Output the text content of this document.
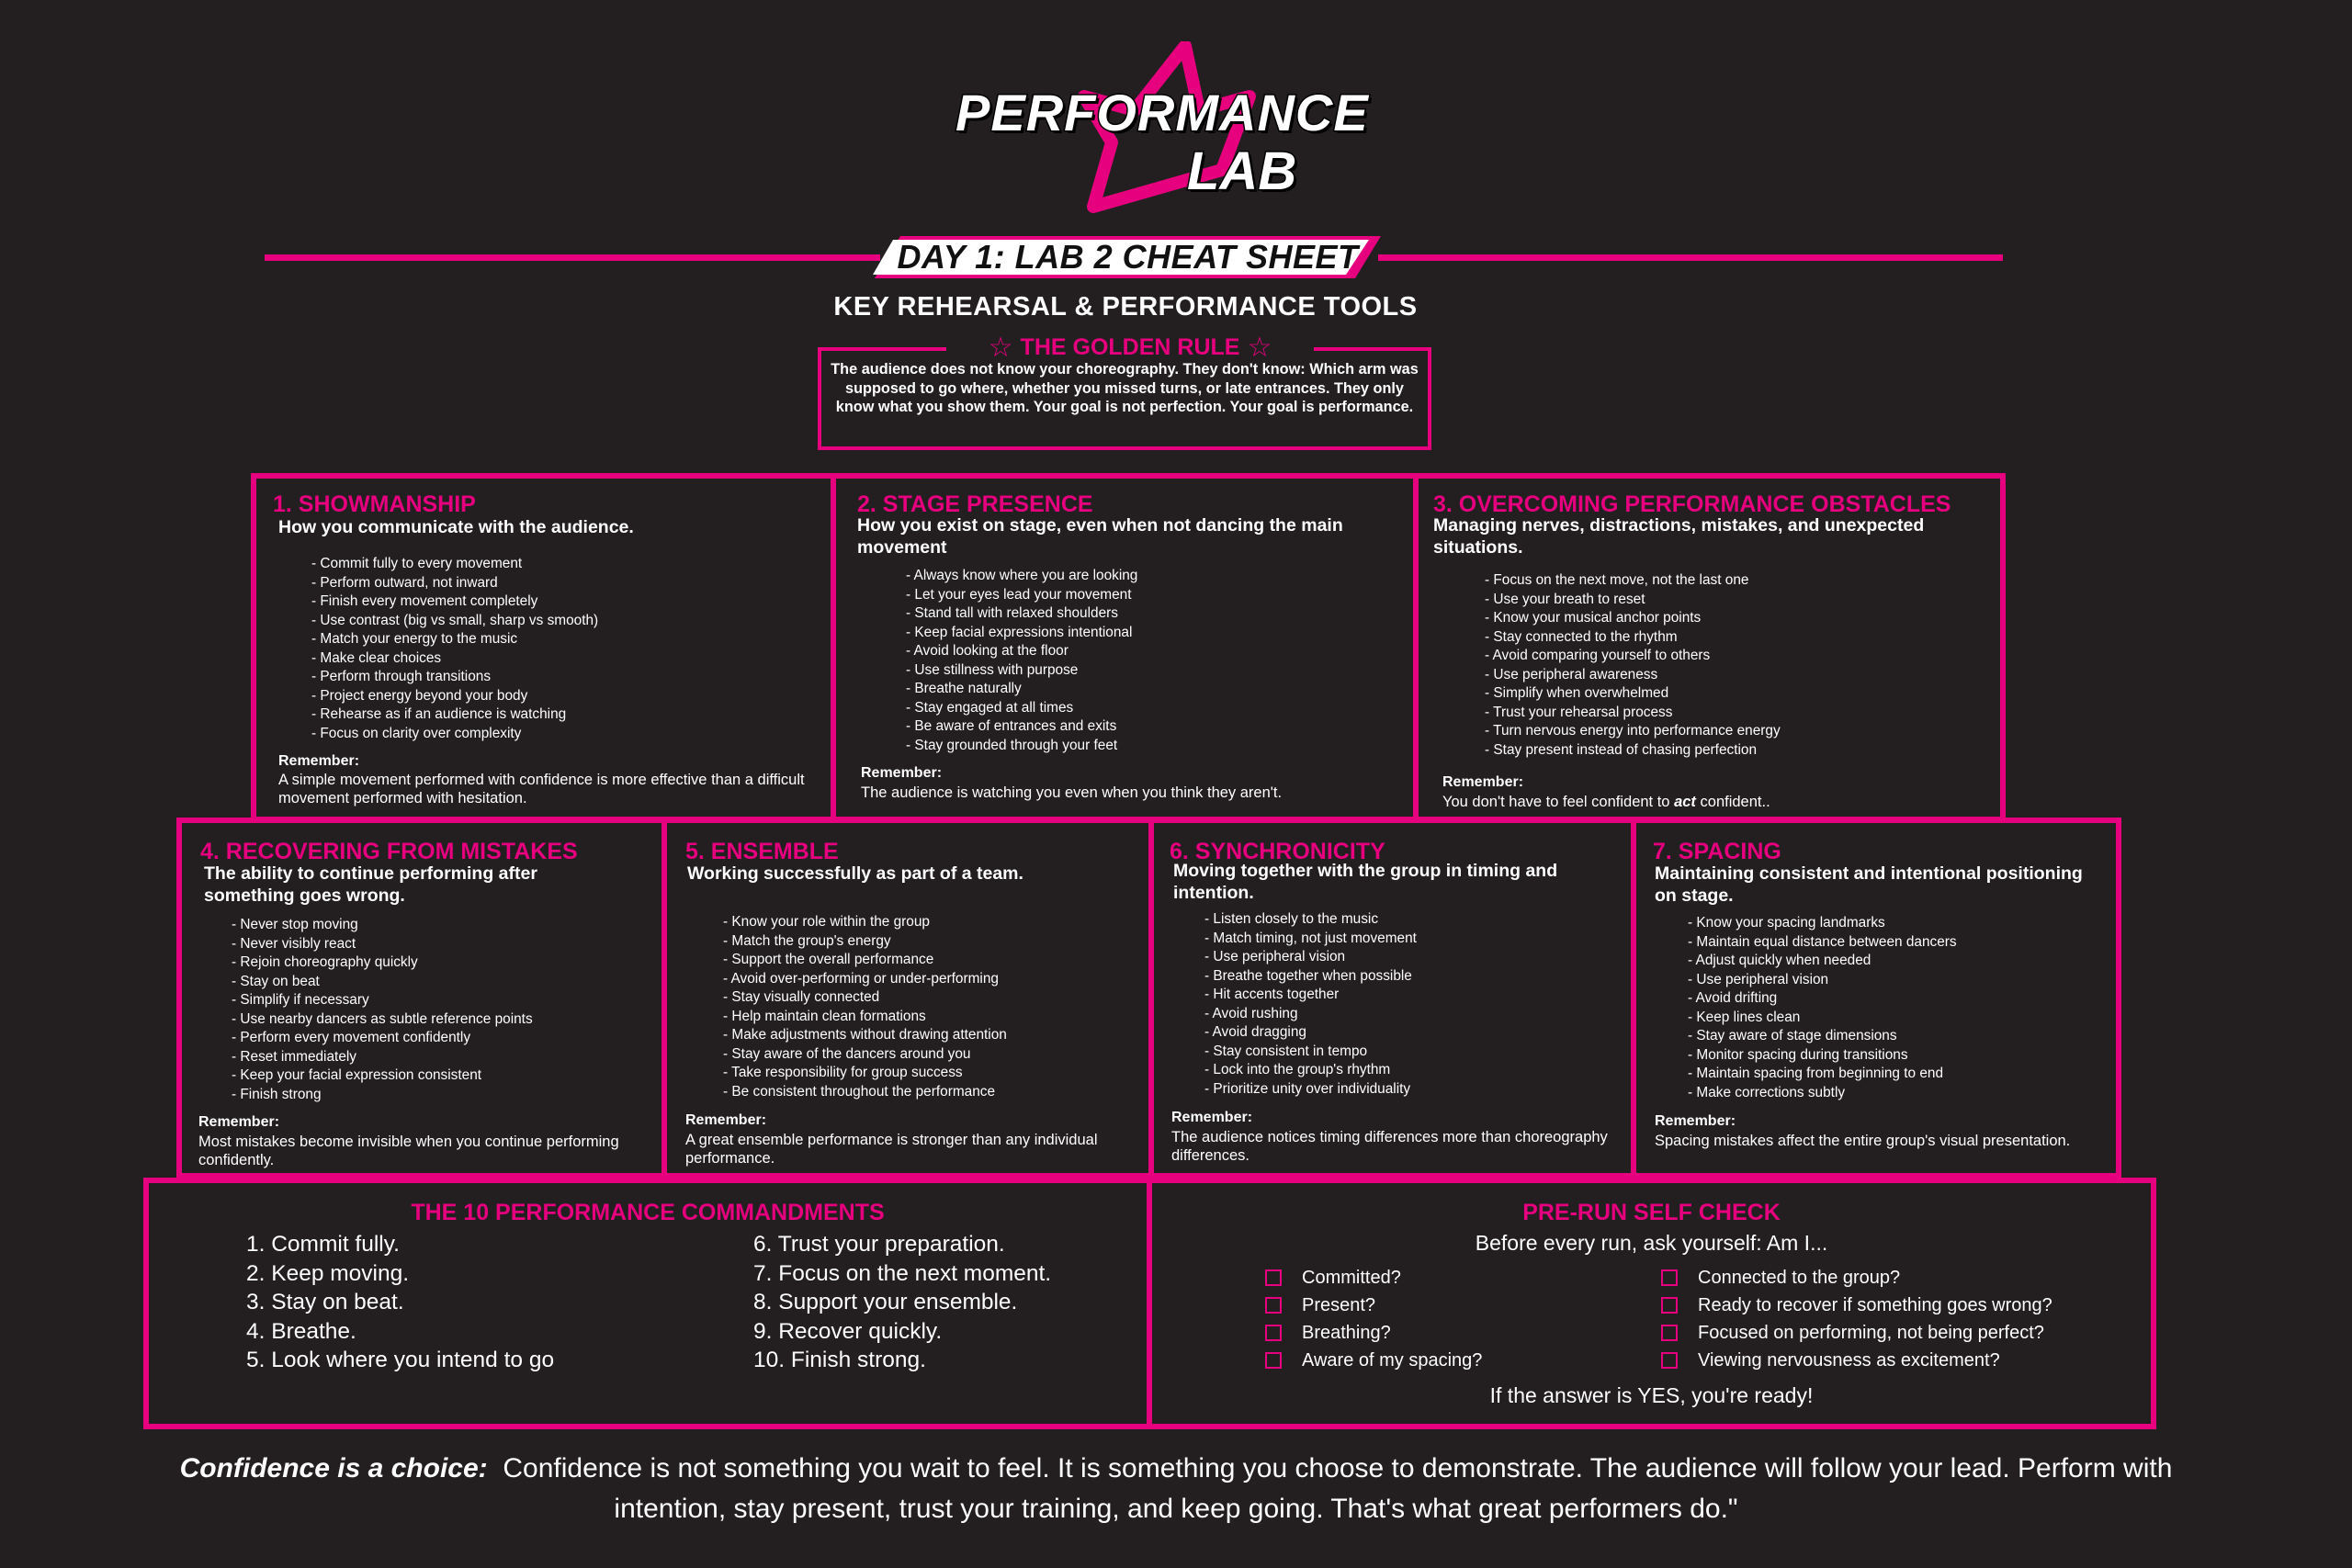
PERFORMANCE
LAB
DAY 1: LAB 2 CHEAT SHEET
KEY REHEARSAL & PERFORMANCE TOOLS
☆ THE GOLDEN RULE ☆
The audience does not know your choreography. They don't know: Which arm was supposed to go where, whether you missed turns, or late entrances. They only know what you show them. Your goal is not perfection. Your goal is performance.
1. SHOWMANSHIP
How you communicate with the audience.
- Commit fully to every movement
- Perform outward, not inward
- Finish every movement completely
- Use contrast (big vs small, sharp vs smooth)
- Match your energy to the music
- Make clear choices
- Perform through transitions
- Project energy beyond your body
- Rehearse as if an audience is watching
- Focus on clarity over complexity
Remember:
A simple movement performed with confidence is more effective than a difficult movement performed with hesitation.
2. STAGE PRESENCE
How you exist on stage, even when not dancing the main movement
- Always know where you are looking
- Let your eyes lead your movement
- Stand tall with relaxed shoulders
- Keep facial expressions intentional
- Avoid looking at the floor
- Use stillness with purpose
- Breathe naturally
- Stay engaged at all times
- Be aware of entrances and exits
- Stay grounded through your feet
Remember:
The audience is watching you even when you think they aren't.
3. OVERCOMING PERFORMANCE OBSTACLES
Managing nerves, distractions, mistakes, and unexpected situations.
- Focus on the next move, not the last one
- Use your breath to reset
- Know your musical anchor points
- Stay connected to the rhythm
- Avoid comparing yourself to others
- Use peripheral awareness
- Simplify when overwhelmed
- Trust your rehearsal process
- Turn nervous energy into performance energy
- Stay present instead of chasing perfection
Remember:
You don't have to feel confident to act confident..
4. RECOVERING FROM MISTAKES
The ability to continue performing after something goes wrong.
- Never stop moving
- Never visibly react
- Rejoin choreography quickly
- Stay on beat
- Simplify if necessary
- Use nearby dancers as subtle reference points
- Perform every movement confidently
- Reset immediately
- Keep your facial expression consistent
- Finish strong
Remember:
Most mistakes become invisible when you continue performing confidently.
5. ENSEMBLE
Working successfully as part of a team.
- Know your role within the group
- Match the group's energy
- Support the overall performance
- Avoid over-performing or under-performing
- Stay visually connected
- Help maintain clean formations
- Make adjustments without drawing attention
- Stay aware of the dancers around you
- Take responsibility for group success
- Be consistent throughout the performance
Remember:
A great ensemble performance is stronger than any individual performance.
6. SYNCHRONICITY
Moving together with the group in timing and intention.
- Listen closely to the music
- Match timing, not just movement
- Use peripheral vision
- Breathe together when possible
- Hit accents together
- Avoid rushing
- Avoid dragging
- Stay consistent in tempo
- Lock into the group's rhythm
- Prioritize unity over individuality
Remember:
The audience notices timing differences more than choreography differences.
7. SPACING
Maintaining consistent and intentional positioning on stage.
- Know your spacing landmarks
- Maintain equal distance between dancers
- Adjust quickly when needed
- Use peripheral vision
- Avoid drifting
- Keep lines clean
- Stay aware of stage dimensions
- Monitor spacing during transitions
- Maintain spacing from beginning to end
- Make corrections subtly
Remember:
Spacing mistakes affect the entire group's visual presentation.
THE 10 PERFORMANCE COMMANDMENTS
1. Commit fully.
2. Keep moving.
3. Stay on beat.
4. Breathe.
5. Look where you intend to go
6. Trust your preparation.
7. Focus on the next moment.
8. Support your ensemble.
9. Recover quickly.
10. Finish strong.
PRE-RUN SELF CHECK
Before every run, ask yourself: Am I...
Committed?
Present?
Breathing?
Aware of my spacing?
Connected to the group?
Ready to recover if something goes wrong?
Focused on performing, not being perfect?
Viewing nervousness as excitement?
If the answer is YES, you're ready!
Confidence is a choice: Confidence is not something you wait to feel. It is something you choose to demonstrate. The audience will follow your lead. Perform with intention, stay present, trust your training, and keep going. That's what great performers do."
